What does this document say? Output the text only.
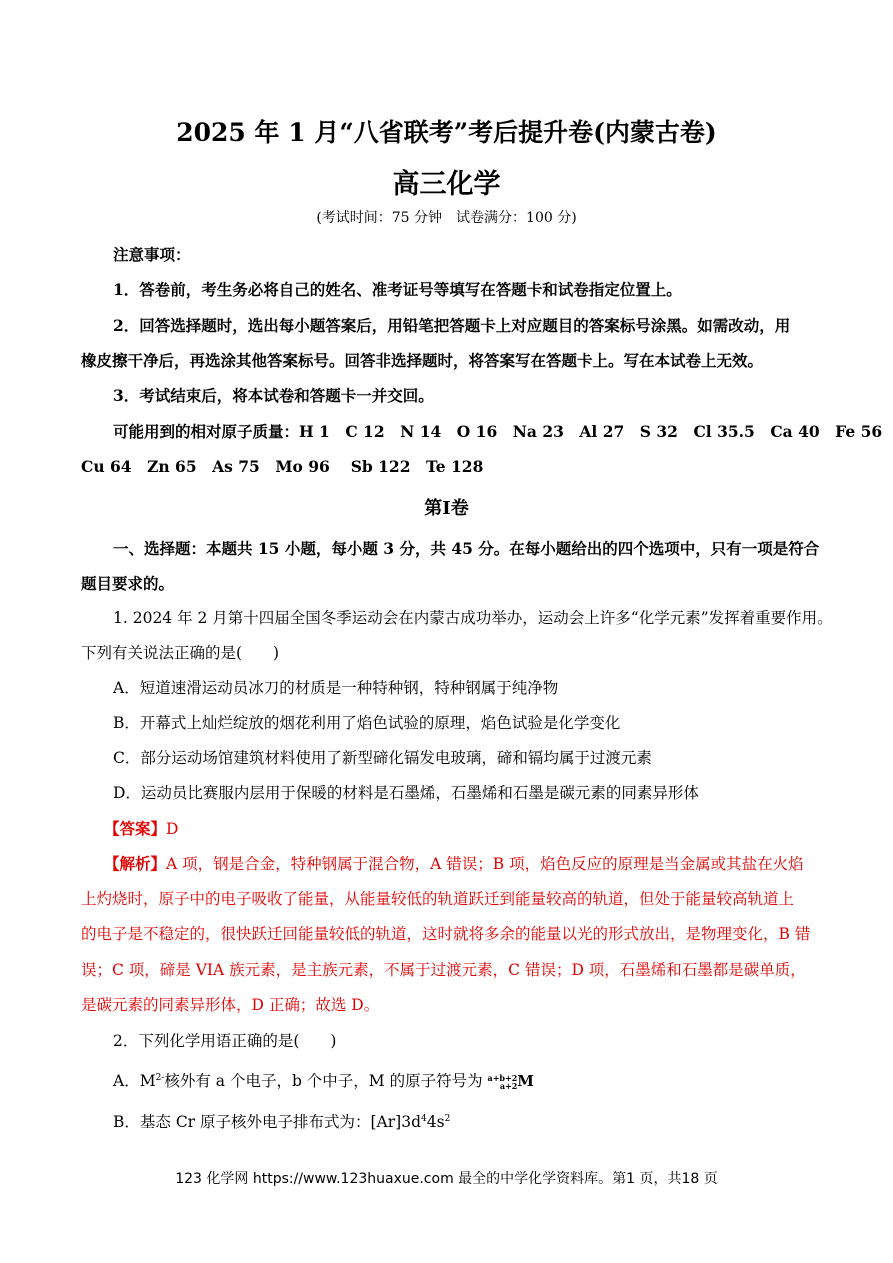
2025 年 1 月“八省联考”考后提升卷(内蒙古卷)
高三化学
(考试时间：75 分钟　试卷满分：100 分)
注意事项：
1．答卷前，考生务必将自己的姓名、准考证号等填写在答题卡和试卷指定位置上。
2．回答选择题时，选出每小题答案后，用铅笔把答题卡上对应题目的答案标号涂黑。如需改动，用
橡皮擦干净后，再选涂其他答案标号。回答非选择题时，将答案写在答题卡上。写在本试卷上无效。
3．考试结束后，将本试卷和答题卡一并交回。
可能用到的相对原子质量：H 1　C 12　N 14　O 16　Na 23　Al 27　S 32　Cl 35.5　Ca 40　Fe 56
Cu 64　Zn 65　As 75　Mo 96　 Sb 122　Te 128
第I卷
一、选择题：本题共 15 小题，每小题 3 分，共 45 分。在每小题给出的四个选项中，只有一项是符合
题目要求的。
1. 2024 年 2 月第十四届全国冬季运动会在内蒙古成功举办，运动会上许多“化学元素”发挥着重要作用。
下列有关说法正确的是(　　)
A．短道速滑运动员冰刀的材质是一种特种钢，特种钢属于纯净物
B．开幕式上灿烂绽放的烟花利用了焰色试验的原理，焰色试验是化学变化
C．部分运动场馆建筑材料使用了新型碲化镉发电玻璃，碲和镉均属于过渡元素
D．运动员比赛服内层用于保暖的材料是石墨烯，石墨烯和石墨是碳元素的同素异形体
【答案】D
【解析】A 项，钢是合金，特种钢属于混合物，A 错误；B 项，焰色反应的原理是当金属或其盐在火焰
上灼烧时，原子中的电子吸收了能量，从能量较低的轨道跃迁到能量较高的轨道，但处于能量较高轨道上
的电子是不稳定的，很快跃迁回能量较低的轨道，这时就将多余的能量以光的形式放出，是物理变化，B 错
误；C 项，碲是 VIA 族元素，是主族元素，不属于过渡元素，C 错误；D 项，石墨烯和石墨都是碳单质，
是碳元素的同素异形体，D 正确；故选 D。
2．下列化学用语正确的是(　　)
A．$M^{2-}$核外有 a 个电子，b 个中子，M 的原子符号为 a+b+2
a+2M
B．基态 Cr 原子核外电子排布式为：$[Ar]3d^44s^2$
123 化学网 https://www.123huaxue.com 最全的中学化学资料库。第1 页，共18 页
